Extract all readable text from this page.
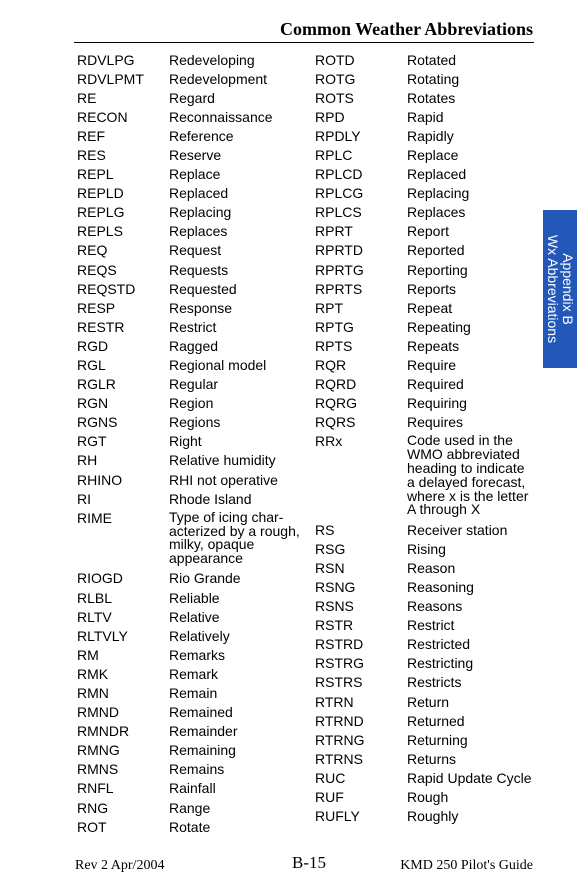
Common Weather Abbreviations
RDVLPG	Redeveloping
RDVLPMT	Redevelopment
RE	Regard
RECON	Reconnaissance
REF	Reference
RES	Reserve
REPL	Replace
REPLD	Replaced
REPLG	Replacing
REPLS	Replaces
REQ	Request
REQS	Requests
REQSTD	Requested
RESP	Response
RESTR	Restrict
RGD	Ragged
RGL	Regional model
RGLR	Regular
RGN	Region
RGNS	Regions
RGT	Right
RH	Relative humidity
RHINO	RHI not operative
RI	Rhode Island
RIME	Type of icing char-
acterized by a rough,
milky, opaque
appearance
RIOGD	Rio Grande
RLBL	Reliable
RLTV	Relative
RLTVLY	Relatively
RM	Remarks
RMK	Remark
RMN	Remain
RMND	Remained
RMNDR	Remainder
RMNG	Remaining
RMNS	Remains
RNFL	Rainfall
RNG	Range
ROT	Rotate
ROTD	Rotated
ROTG	Rotating
ROTS	Rotates
RPD	Rapid
RPDLY	Rapidly
RPLC	Replace
RPLCD	Replaced
RPLCG	Replacing
RPLCS	Replaces
RPRT	Report
RPRTD	Reported
RPRTG	Reporting
RPRTS	Reports
RPT	Repeat
RPTG	Repeating
RPTS	Repeats
RQR	Require
RQRD	Required
RQRG	Requiring
RQRS	Requires
RRx	Code used in the
WMO abbreviated
heading to indicate
a delayed forecast,
where x is the letter
A through X
RS	Receiver station
RSG	Rising
RSN	Reason
RSNG	Reasoning
RSNS	Reasons
RSTR	Restrict
RSTRD	Restricted
RSTRG	Restricting
RSTRS	Restricts
RTRN	Return
RTRND	Returned
RTRNG	Returning
RTRNS	Returns
RUC	Rapid Update Cycle
RUF	Rough
RUFLY	Roughly
Appendix B
Wx Abbreviations
Rev 2 Apr/2004	B-15	KMD 250 Pilot's Guide
